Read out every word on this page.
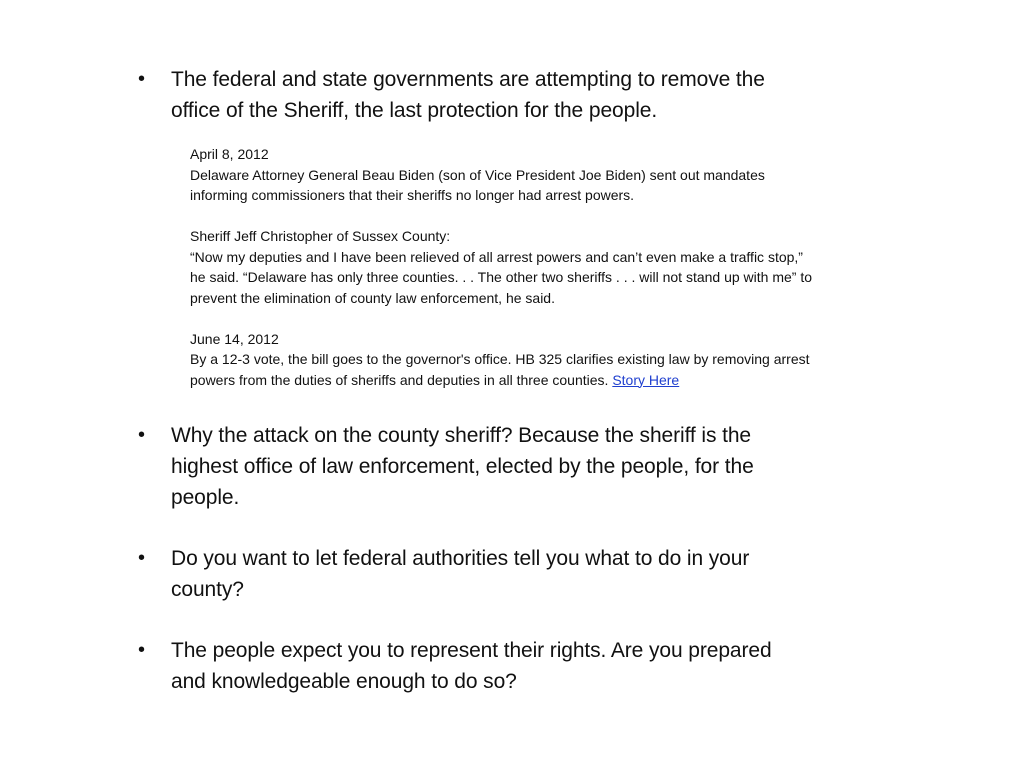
• The federal and state governments are attempting to remove the
office of the Sheriff, the last protection for the people.
April 8, 2012
Delaware Attorney General Beau Biden (son of Vice President Joe Biden) sent out mandates
informing commissioners that their sheriffs no longer had arrest powers.
Sheriff Jeff Christopher of Sussex County:
“Now my deputies and I have been relieved of all arrest powers and can’t even make a traffic stop,”
he said. “Delaware has only three counties. . . The other two sheriffs . . . will not stand up with me” to
prevent the elimination of county law enforcement, he said.
June 14, 2012
By a 12-3 vote, the bill goes to the governor's office. HB 325 clarifies existing law by removing arrest
powers from the duties of sheriffs and deputies in all three counties. Story Here
• Why the attack on the county sheriff? Because the sheriff is the
highest office of law enforcement, elected by the people, for the
people.
• Do you want to let federal authorities tell you what to do in your
county?
• The people expect you to represent their rights. Are you prepared
and knowledgeable enough to do so?
